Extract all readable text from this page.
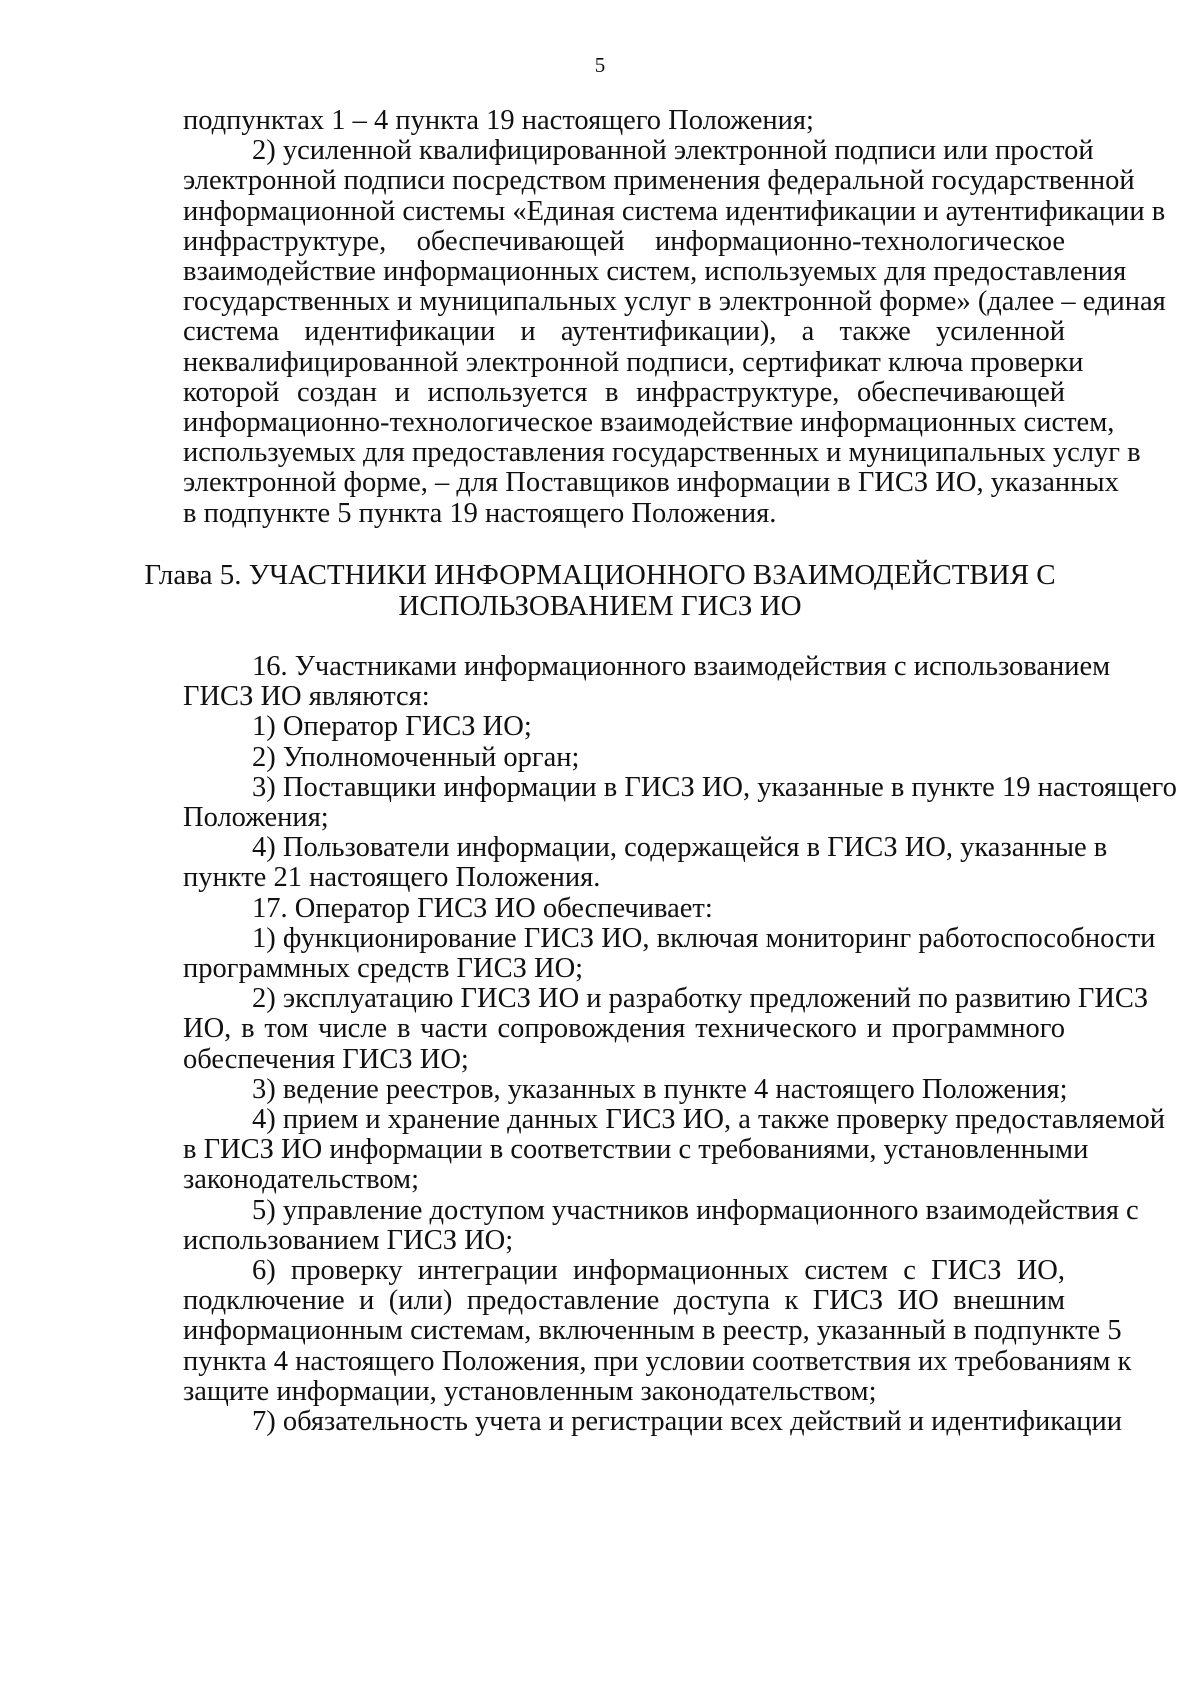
5
подпунктах 1 – 4 пункта 19 настоящего Положения;
2) усиленной квалифицированной электронной подписи или простой
электронной подписи посредством применения федеральной государственной
информационной системы «Единая система идентификации и аутентификации в
инфраструктуре, обеспечивающей информационно-технологическое
взаимодействие информационных систем, используемых для предоставления
государственных и муниципальных услуг в электронной форме» (далее – единая
система идентификации и аутентификации), а также усиленной
неквалифицированной электронной подписи, сертификат ключа проверки
которой создан и используется в инфраструктуре, обеспечивающей
информационно-технологическое взаимодействие информационных систем,
используемых для предоставления государственных и муниципальных услуг в
электронной форме, – для Поставщиков информации в ГИСЗ ИО, указанных
в подпункте 5 пункта 19 настоящего Положения.
Глава 5. УЧАСТНИКИ ИНФОРМАЦИОННОГО ВЗАИМОДЕЙСТВИЯ С
ИСПОЛЬЗОВАНИЕМ ГИСЗ ИО
16. Участниками информационного взаимодействия с использованием
ГИСЗ ИО являются:
1) Оператор ГИСЗ ИО;
2) Уполномоченный орган;
3) Поставщики информации в ГИСЗ ИО, указанные в пункте 19 настоящего
Положения;
4) Пользователи информации, содержащейся в ГИСЗ ИО, указанные в
пункте 21 настоящего Положения.
17. Оператор ГИСЗ ИО обеспечивает:
1) функционирование ГИСЗ ИО, включая мониторинг работоспособности
программных средств ГИСЗ ИО;
2) эксплуатацию ГИСЗ ИО и разработку предложений по развитию ГИСЗ
ИО, в том числе в части сопровождения технического и программного
обеспечения ГИСЗ ИО;
3) ведение реестров, указанных в пункте 4 настоящего Положения;
4) прием и хранение данных ГИСЗ ИО, а также проверку предоставляемой
в ГИСЗ ИО информации в соответствии с требованиями, установленными
законодательством;
5) управление доступом участников информационного взаимодействия с
использованием ГИСЗ ИО;
6) проверку интеграции информационных систем с ГИСЗ ИО,
подключение и (или) предоставление доступа к ГИСЗ ИО внешним
информационным системам, включенным в реестр, указанный в подпункте 5
пункта 4 настоящего Положения, при условии соответствия их требованиям к
защите информации, установленным законодательством;
7) обязательность учета и регистрации всех действий и идентификации
